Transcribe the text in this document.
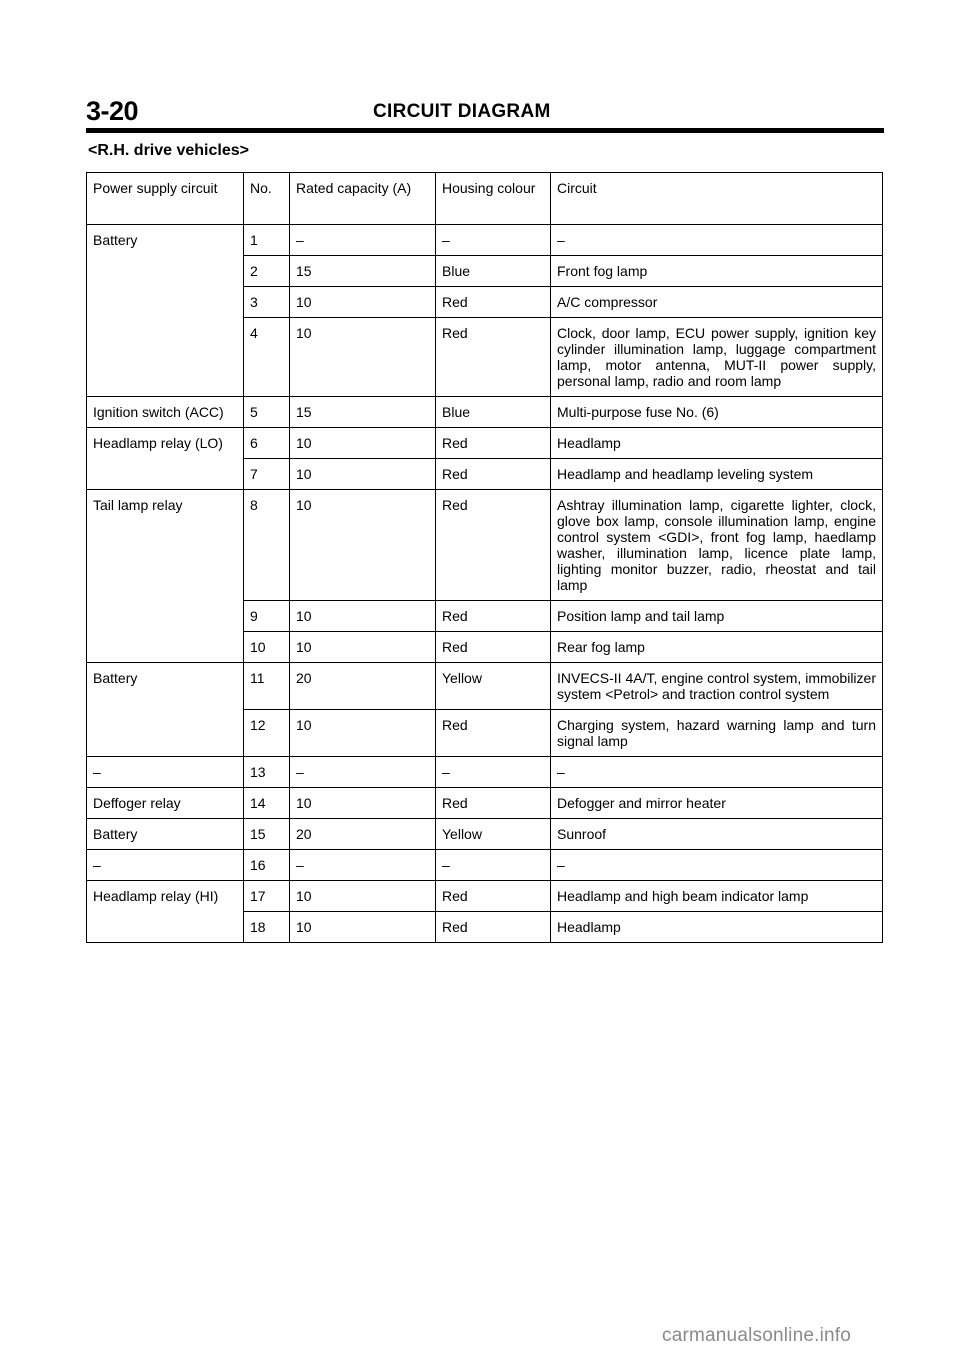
3-20	CIRCUIT DIAGRAM
<R.H. drive vehicles>
Power supply circuit	No.	Rated capacity (A)	Housing colour	Circuit
Battery	1	–	–	–
	2	15	Blue	Front fog lamp
	3	10	Red	A/C compressor
	4	10	Red	Clock, door lamp, ECU power supply, ignition key cylinder illumination lamp, luggage compartment lamp, motor antenna, MUT-II power supply, personal lamp, radio and room lamp
Ignition switch (ACC)	5	15	Blue	Multi-purpose fuse No. (6)
Headlamp relay (LO)	6	10	Red	Headlamp
	7	10	Red	Headlamp and headlamp leveling system
Tail lamp relay	8	10	Red	Ashtray illumination lamp, cigarette lighter, clock, glove box lamp, console illumination lamp, engine control system <GDI>, front fog lamp, haedlamp washer, illumination lamp, licence plate lamp, lighting monitor buzzer, radio, rheostat and tail lamp
	9	10	Red	Position lamp and tail lamp
	10	10	Red	Rear fog lamp
Battery	11	20	Yellow	INVECS-II 4A/T, engine control system, immobilizer system <Petrol> and traction control system
	12	10	Red	Charging system, hazard warning lamp and turn signal lamp
–	13	–	–	–
Deffoger relay	14	10	Red	Defogger and mirror heater
Battery	15	20	Yellow	Sunroof
–	16	–	–	–
Headlamp relay (HI)	17	10	Red	Headlamp and high beam indicator lamp
	18	10	Red	Headlamp
carmanualsonline.info
